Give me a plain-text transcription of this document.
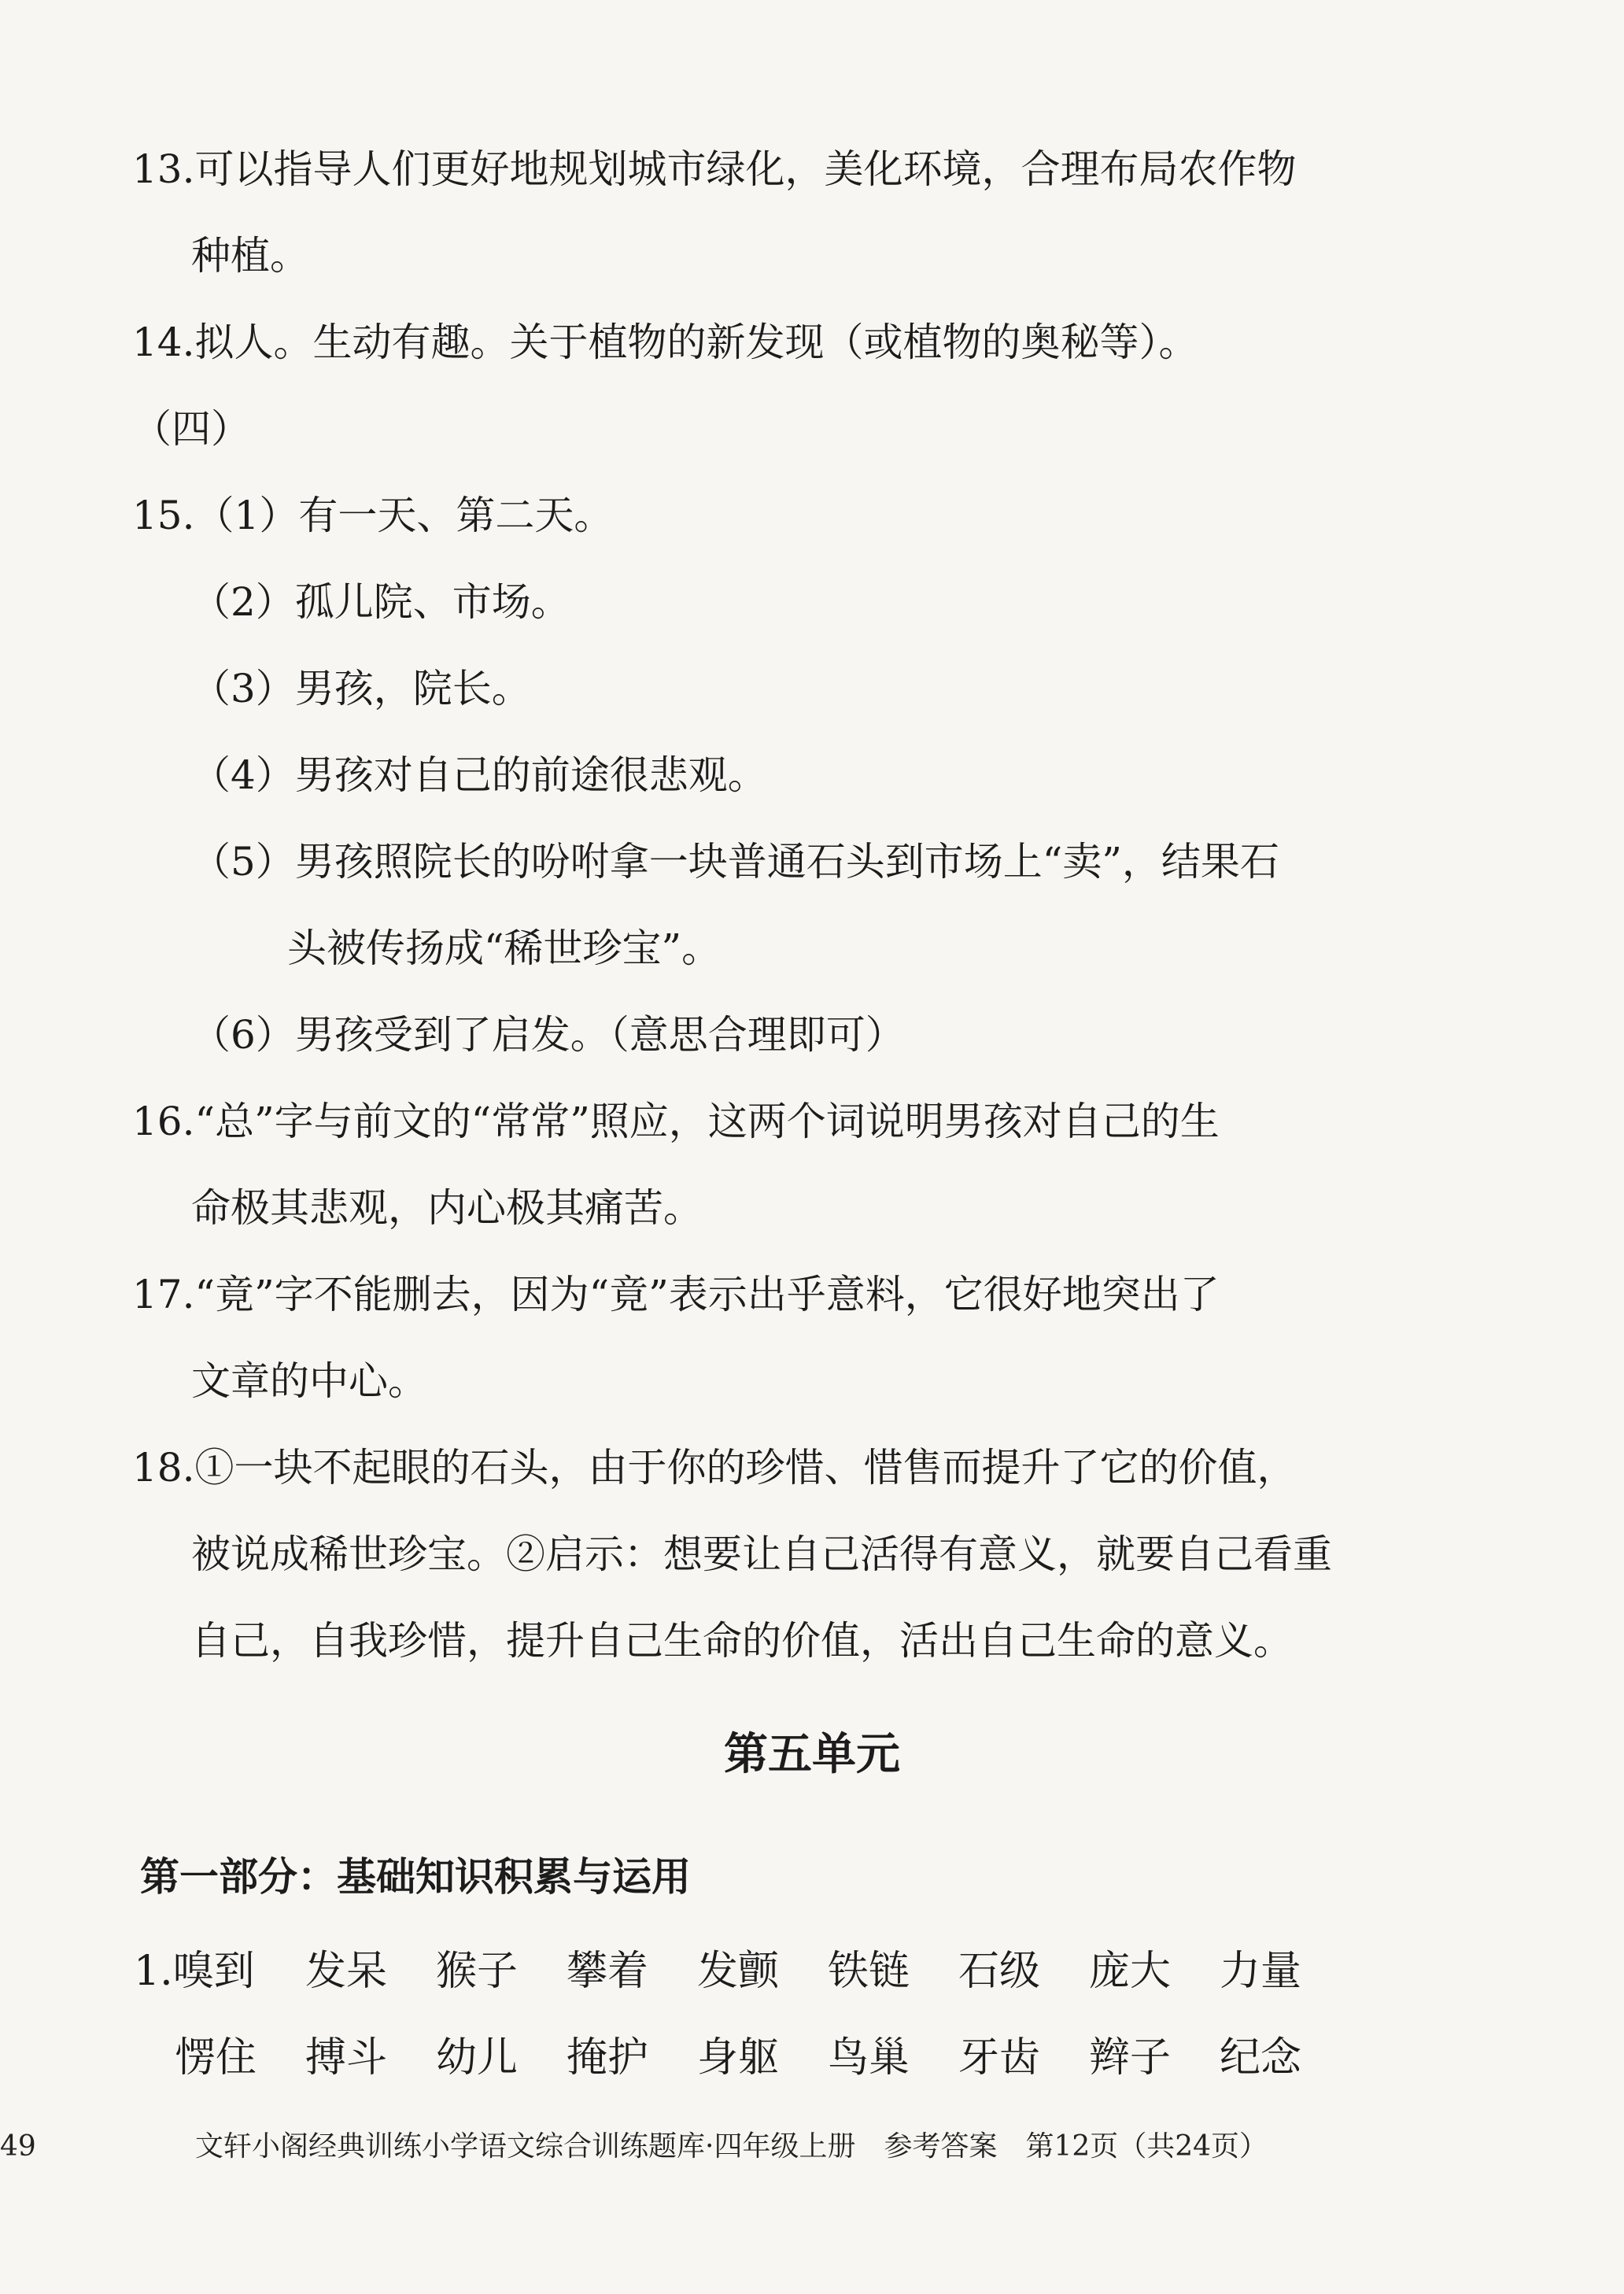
13.可以指导人们更好地规划城市绿化，美化环境，合理布局农作物
种植。
14.拟人。生动有趣。关于植物的新发现（或植物的奥秘等）。
（四）
15.（1）有一天、第二天。
（2）孤儿院、市场。
（3）男孩，院长。
（4）男孩对自己的前途很悲观。
（5）男孩照院长的吩咐拿一块普通石头到市场上“卖”，结果石
头被传扬成“稀世珍宝”。
（6）男孩受到了启发。（意思合理即可）
16.“总”字与前文的“常常”照应，这两个词说明男孩对自己的生
命极其悲观，内心极其痛苦。
17.“竟”字不能删去，因为“竟”表示出乎意料，它很好地突出了
文章的中心。
18.①一块不起眼的石头，由于你的珍惜、惜售而提升了它的价值，
被说成稀世珍宝。②启示：想要让自己活得有意义，就要自己看重
自己，自我珍惜，提升自己生命的价值，活出自己生命的意义。
第五单元
第一部分：基础知识积累与运用
1.嗅到 发呆 猴子 攀着 发颤 铁链 石级 庞大 力量
愣住 搏斗 幼儿 掩护 身躯 鸟巢 牙齿 辫子 纪念
49	文轩小阁经典训练小学语文综合训练题库·四年级上册　参考答案　第12页（共24页）
